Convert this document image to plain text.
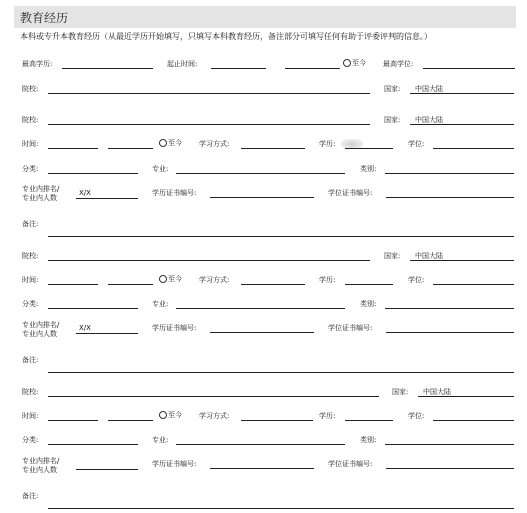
教育经历
本科或专升本教育经历（从最近学历开始填写，只填写本科教育经历，备注部分可填写任何有助于评委评判的信息。）
最高学历:	起止时间:	至今 最高学位:
院校:	国家: 中国大陆
院校:	国家: 中国大陆
时间:	至今 学习方式:	学历:	学位:
分类:	专业:	类别:
专业内排名/
专业内人数
X/X	学历证书编号:	学位证书编号:
备注:
院校:	国家: 中国大陆
时间:	至今 学习方式:	学历:	学位:
分类:	专业:	类别:
专业内排名/
专业内人数
X/X	学历证书编号:	学位证书编号:
备注:
院校:	国家: 中国大陆
时间:	至今 学习方式:	学历:	学位:
分类:	专业:	类别:
专业内排名/
专业内人数
学历证书编号:	学位证书编号:
备注:
